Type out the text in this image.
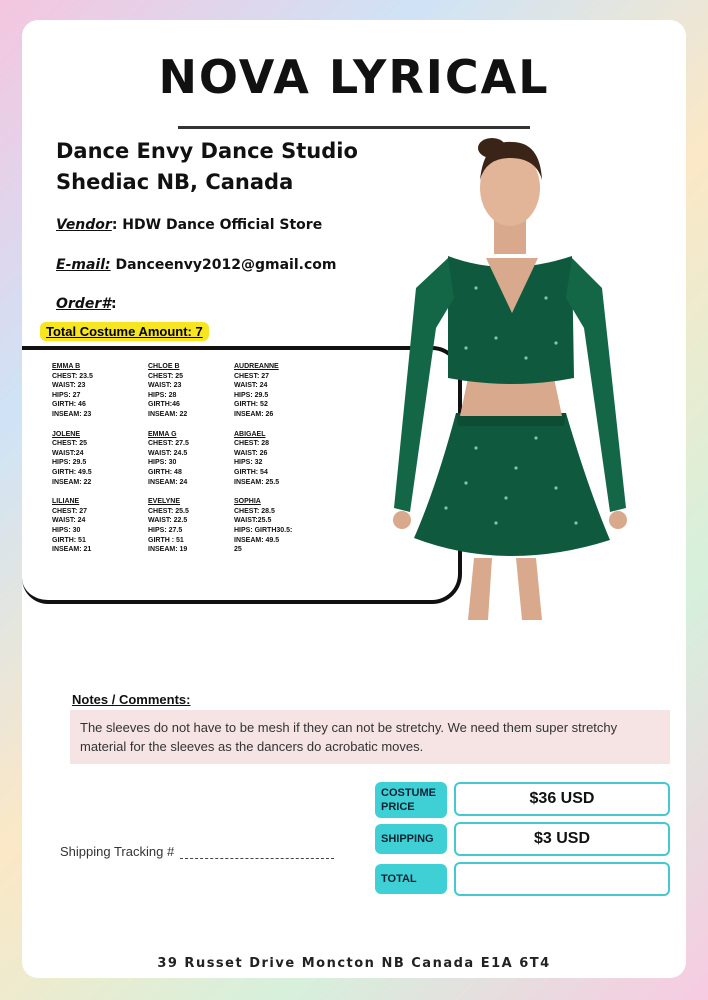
NOVA LYRICAL
Dance Envy Dance Studio
Shediac NB, Canada
Vendor: HDW Dance Official Store
E-mail: Danceenvy2012@gmail.com
Order#:
Total Costume Amount: 7
EMMA B
CHEST: 23.5
WAIST: 23
HIPS: 27
GIRTH: 46
INSEAM: 23
JOLENE
CHEST: 25
WAIST:24
HIPS: 29.5
GIRTH: 49.5
INSEAM: 22
LILIANE
CHEST: 27
WAIST: 24
HIPS: 30
GIRTH: 51
INSEAM: 21
CHLOE B
CHEST: 25
WAIST: 23
HIPS: 28
GIRTH:46
INSEAM: 22
EMMA G
CHEST: 27.5
WAIST: 24.5
HIPS: 30
GIRTH: 48
INSEAM: 24
EVELYNE
CHEST: 25.5
WAIST: 22.5
HIPS: 27.5
GIRTH : 51
INSEAM: 19
AUDREANNE
CHEST: 27
WAIST: 24
HIPS: 29.5
GIRTH: 52
INSEAM: 26
ABIGAEL
CHEST: 28
WAIST: 26
HIPS: 32
GIRTH: 54
INSEAM: 25.5
SOPHIA
CHEST: 28.5
WAIST:25.5
HIPS: GIRTH30.5:
INSEAM: 49.5
25
Notes / Comments:
The sleeves do not have to be mesh if they can not be stretchy. We need them super stretchy material for the sleeves as the dancers do acrobatic moves.
Shipping Tracking #
COSTUME PRICE	$36 USD
SHIPPING	$3 USD
TOTAL
39 Russet Drive Moncton NB Canada E1A 6T4
